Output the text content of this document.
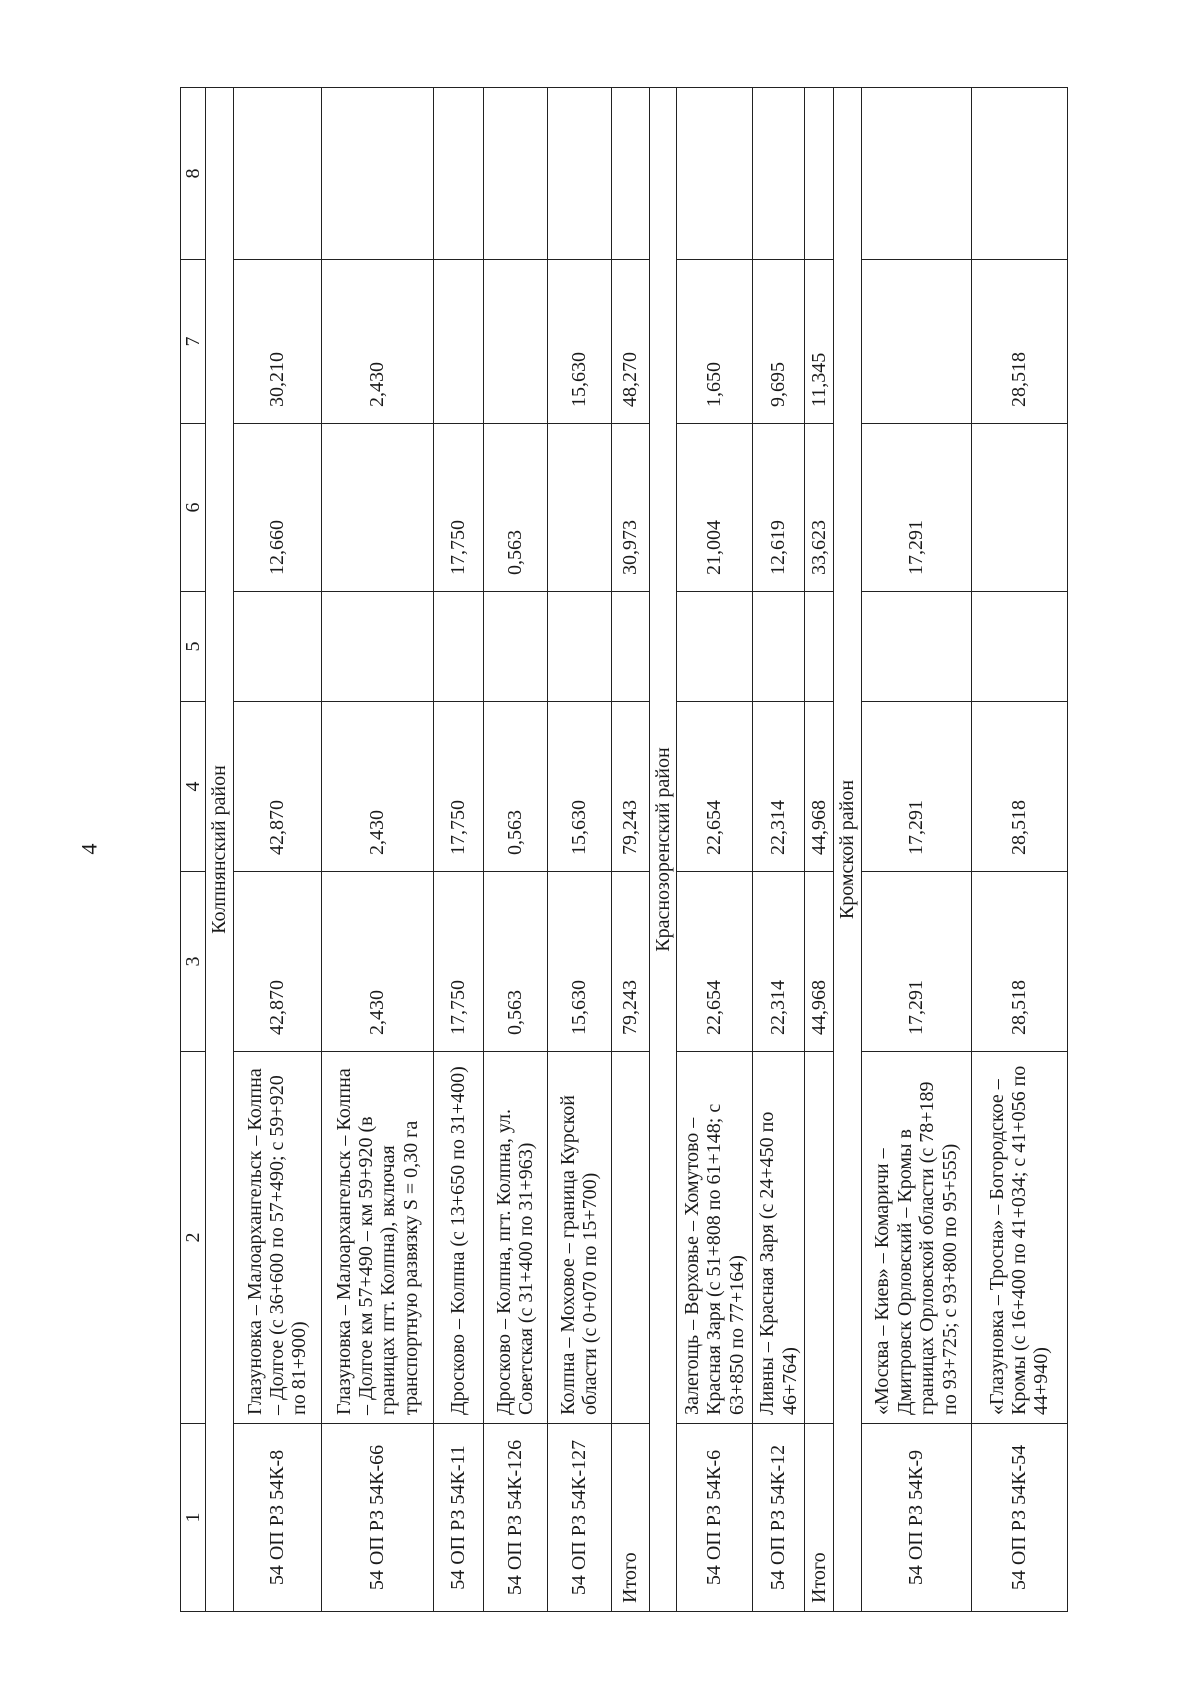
4
1	2	3	4	5	6	7	8
Колпнянский район							
54 ОП РЗ 54К-8	Глазуновка – Малоархангельск – Колпна – Долгое (с 36+600 по 57+490; с 59+920 по 81+900)	42,870	42,870		12,660	30,210	
54 ОП РЗ 54К-66	Глазуновка – Малоархангельск – Колпна – Долгое км 57+490 – км 59+920 (в границах пгт. Колпна), включая транспортную развязку S = 0,30 га	2,430	2,430			2,430	
54 ОП РЗ 54К-11	Дросково – Колпна (с 13+650 по 31+400)	17,750	17,750		17,750		
54 ОП РЗ 54К-126	Дросково – Колпна, пгт. Колпна, ул. Советская (с 31+400 по 31+963)	0,563	0,563		0,563		
54 ОП РЗ 54К-127	Колпна – Моховое – граница Курской области (с 0+070 по 15+700)	15,630	15,630			15,630	
Итого		79,243	79,243		30,973	48,270	
Краснозоренский район							
54 ОП РЗ 54К-6	Залегощь – Верховье – Хомутово – Красная Заря (с 51+808 по 61+148; с 63+850 по 77+164)	22,654	22,654		21,004	1,650	
54 ОП РЗ 54К-12	Ливны – Красная Заря (с 24+450 по 46+764)	22,314	22,314		12,619	9,695	
Итого		44,968	44,968		33,623	11,345	
Кромской район							
54 ОП РЗ 54К-9	«Москва – Киев» – Комаричи – Дмитровск Орловский – Кромы в границах Орловской области (с 78+189 по 93+725; с 93+800 по 95+555)	17,291	17,291		17,291		
54 ОП РЗ 54К-54	«Глазуновка – Тросна» – Богородское – Кромы (с 16+400 по 41+034; с 41+056 по 44+940)	28,518	28,518			28,518	
